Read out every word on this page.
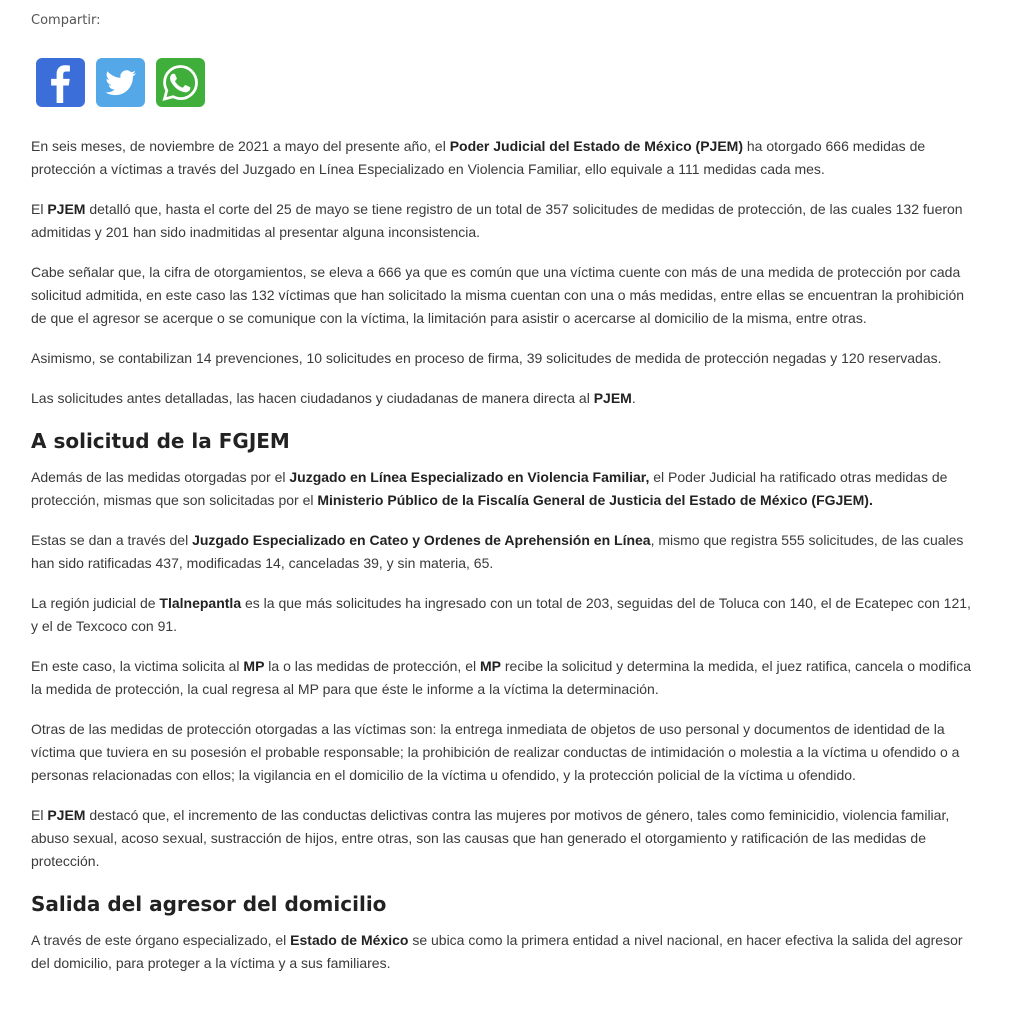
Compartir:

En seis meses, de noviembre de 2021 a mayo del presente año, el Poder Judicial del Estado de México (PJEM) ha otorgado 666 medidas de protección a víctimas a través del Juzgado en Línea Especializado en Violencia Familiar, ello equivale a 111 medidas cada mes.

El PJEM detalló que, hasta el corte del 25 de mayo se tiene registro de un total de 357 solicitudes de medidas de protección, de las cuales 132 fueron admitidas y 201 han sido inadmitidas al presentar alguna inconsistencia.

Cabe señalar que, la cifra de otorgamientos, se eleva a 666 ya que es común que una víctima cuente con más de una medida de protección por cada solicitud admitida, en este caso las 132 víctimas que han solicitado la misma cuentan con una o más medidas, entre ellas se encuentran la prohibición de que el agresor se acerque o se comunique con la víctima, la limitación para asistir o acercarse al domicilio de la misma, entre otras.

Asimismo, se contabilizan 14 prevenciones, 10 solicitudes en proceso de firma, 39 solicitudes de medida de protección negadas y 120 reservadas.

Las solicitudes antes detalladas, las hacen ciudadanos y ciudadanas de manera directa al PJEM.

A solicitud de la FGJEM

Además de las medidas otorgadas por el Juzgado en Línea Especializado en Violencia Familiar, el Poder Judicial ha ratificado otras medidas de protección, mismas que son solicitadas por el Ministerio Público de la Fiscalía General de Justicia del Estado de México (FGJEM).

Estas se dan a través del Juzgado Especializado en Cateo y Ordenes de Aprehensión en Línea, mismo que registra 555 solicitudes, de las cuales han sido ratificadas 437, modificadas 14, canceladas 39, y sin materia, 65.

La región judicial de Tlalnepantla es la que más solicitudes ha ingresado con un total de 203, seguidas del de Toluca con 140, el de Ecatepec con 121, y el de Texcoco con 91.

En este caso, la victima solicita al MP la o las medidas de protección, el MP recibe la solicitud y determina la medida, el juez ratifica, cancela o modifica la medida de protección, la cual regresa al MP para que éste le informe a la víctima la determinación.

Otras de las medidas de protección otorgadas a las víctimas son: la entrega inmediata de objetos de uso personal y documentos de identidad de la víctima que tuviera en su posesión el probable responsable; la prohibición de realizar conductas de intimidación o molestia a la víctima u ofendido o a personas relacionadas con ellos; la vigilancia en el domicilio de la víctima u ofendido, y la protección policial de la víctima u ofendido.

El PJEM destacó que, el incremento de las conductas delictivas contra las mujeres por motivos de género, tales como feminicidio, violencia familiar, abuso sexual, acoso sexual, sustracción de hijos, entre otras, son las causas que han generado el otorgamiento y ratificación de las medidas de protección.

Salida del agresor del domicilio

A través de este órgano especializado, el Estado de México se ubica como la primera entidad a nivel nacional, en hacer efectiva la salida del agresor del domicilio, para proteger a la víctima y a sus familiares.
